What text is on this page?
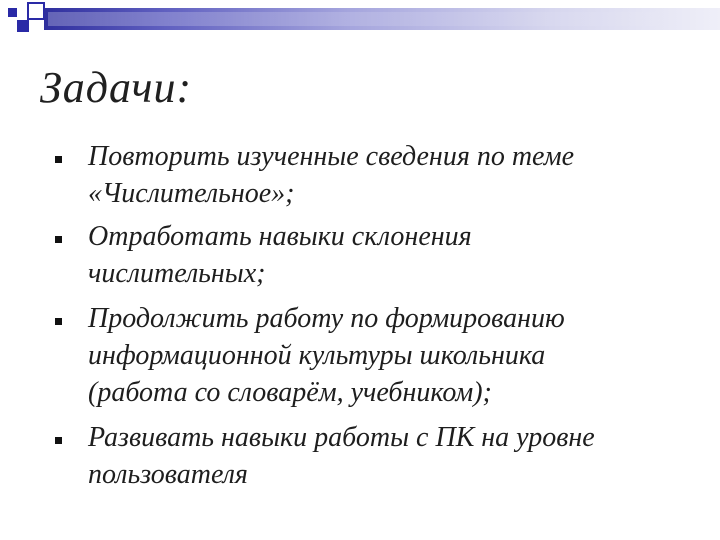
Задачи:
Повторить изученные сведения по теме
«Числительное»;
Отработать навыки склонения
числительных;
Продолжить работу по формированию
информационной культуры школьника
(работа со словарём, учебником);
Развивать навыки работы с ПК на уровне
пользователя
